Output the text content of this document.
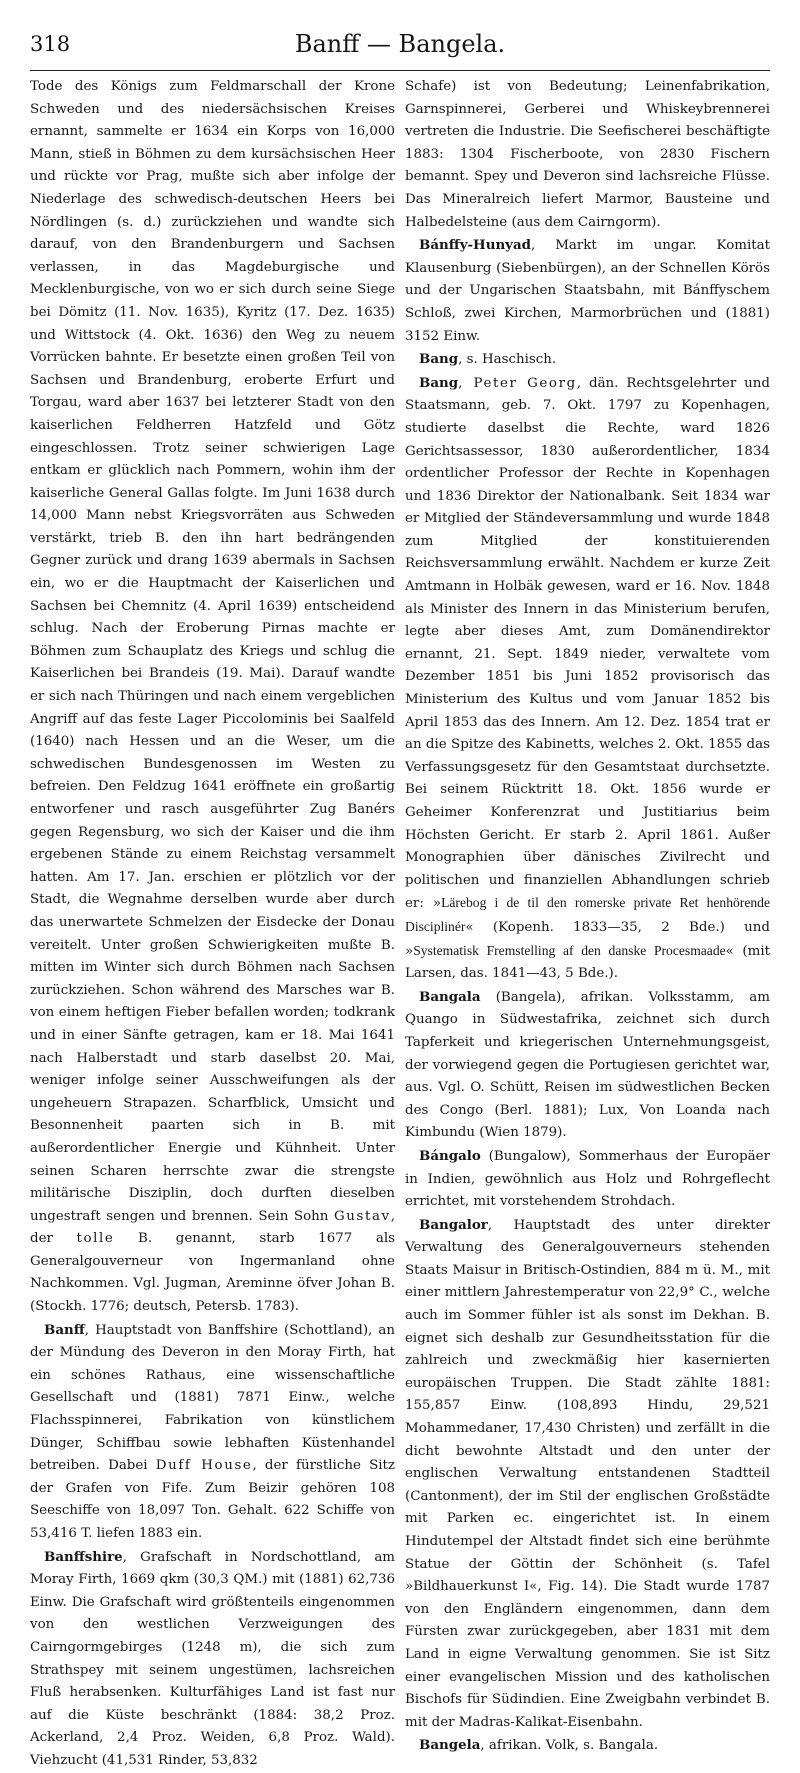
318	Banff — Bangela.

Tode des Königs zum Feldmarschall der Krone Schweden und des niedersächsischen Kreises ernannt, sammelte er 1634 ein Korps von 16,000 Mann, stieß in Böhmen zu dem kursächsischen Heer und rückte vor Prag, mußte sich aber infolge der Niederlage des schwedisch-deutschen Heers bei Nördlingen (s. d.) zurückziehen und wandte sich darauf, von den Brandenburgern und Sachsen verlassen, in das Magdeburgische und Mecklenburgische, von wo er sich durch seine Siege bei Dömitz (11. Nov. 1635), Kyritz (17. Dez. 1635) und Wittstock (4. Okt. 1636) den Weg zu neuem Vorrücken bahnte. Er besetzte einen großen Teil von Sachsen und Brandenburg, eroberte Erfurt und Torgau, ward aber 1637 bei letzterer Stadt von den kaiserlichen Feldherren Hatzfeld und Götz eingeschlossen. Trotz seiner schwierigen Lage entkam er glücklich nach Pommern, wohin ihm der kaiserliche General Gallas folgte. Im Juni 1638 durch 14,000 Mann nebst Kriegsvorräten aus Schweden verstärkt, trieb B. den ihn hart bedrängenden Gegner zurück und drang 1639 abermals in Sachsen ein, wo er die Hauptmacht der Kaiserlichen und Sachsen bei Chemnitz (4. April 1639) entscheidend schlug. Nach der Eroberung Pirnas machte er Böhmen zum Schauplatz des Kriegs und schlug die Kaiserlichen bei Brandeis (19. Mai). Darauf wandte er sich nach Thüringen und nach einem vergeblichen Angriff auf das feste Lager Piccolominis bei Saalfeld (1640) nach Hessen und an die Weser, um die schwedischen Bundesgenossen im Westen zu befreien. Den Feldzug 1641 eröffnete ein großartig entworfener und rasch ausgeführter Zug Banérs gegen Regensburg, wo sich der Kaiser und die ihm ergebenen Stände zu einem Reichstag versammelt hatten. Am 17. Jan. erschien er plötzlich vor der Stadt, die Wegnahme derselben wurde aber durch das unerwartete Schmelzen der Eisdecke der Donau vereitelt. Unter großen Schwierigkeiten mußte B. mitten im Winter sich durch Böhmen nach Sachsen zurückziehen. Schon während des Marsches war B. von einem heftigen Fieber befallen worden; todkrank und in einer Sänfte getragen, kam er 18. Mai 1641 nach Halberstadt und starb daselbst 20. Mai, weniger infolge seiner Ausschweifungen als der ungeheuern Strapazen. Scharfblick, Umsicht und Besonnenheit paarten sich in B. mit außerordentlicher Energie und Kühnheit. Unter seinen Scharen herrschte zwar die strengste militärische Disziplin, doch durften dieselben ungestraft sengen und brennen. Sein Sohn Gustav, der tolle B. genannt, starb 1677 als Generalgouverneur von Ingermanland ohne Nachkommen. Vgl. Jugman, Areminne öfver Johan B. (Stockh. 1776; deutsch, Petersb. 1783).

Banff, Hauptstadt von Banffshire (Schottland), an der Mündung des Deveron in den Moray Firth, hat ein schönes Rathaus, eine wissenschaftliche Gesellschaft und (1881) 7871 Einw., welche Flachsspinnerei, Fabrikation von künstlichem Dünger, Schiffbau sowie lebhaften Küstenhandel betreiben. Dabei Duff House, der fürstliche Sitz der Grafen von Fife. Zum Beizir gehören 108 Seeschiffe von 18,097 Ton. Gehalt. 622 Schiffe von 53,416 T. liefen 1883 ein.

Banffshire, Grafschaft in Nordschottland, am Moray Firth, 1669 qkm (30,3 QM.) mit (1881) 62,736 Einw. Die Grafschaft wird größtenteils eingenommen von den westlichen Verzweigungen des Cairngormgebirges (1248 m), die sich zum Strathspey mit seinem ungestümen, lachsreichen Fluß herabsenken. Kulturfähiges Land ist fast nur auf die Küste beschränkt (1884: 38,2 Proz. Ackerland, 2,4 Proz. Weiden, 6,8 Proz. Wald). Viehzucht (41,531 Rinder, 53,832

Schafe) ist von Bedeutung; Leinenfabrikation, Garnspinnerei, Gerberei und Whiskeybrennerei vertreten die Industrie. Die Seefischerei beschäftigte 1883: 1304 Fischerboote, von 2830 Fischern bemannt. Spey und Deveron sind lachsreiche Flüsse. Das Mineralreich liefert Marmor, Bausteine und Halbedelsteine (aus dem Cairngorm).

Bánffy-Hunyad, Markt im ungar. Komitat Klausenburg (Siebenbürgen), an der Schnellen Körös und der Ungarischen Staatsbahn, mit Bánffyschem Schloß, zwei Kirchen, Marmorbrüchen und (1881) 3152 Einw.

Bang, s. Haschisch.

Bang, Peter Georg, dän. Rechtsgelehrter und Staatsmann, geb. 7. Okt. 1797 zu Kopenhagen, studierte daselbst die Rechte, ward 1826 Gerichtsassessor, 1830 außerordentlicher, 1834 ordentlicher Professor der Rechte in Kopenhagen und 1836 Direktor der Nationalbank. Seit 1834 war er Mitglied der Ständeversammlung und wurde 1848 zum Mitglied der konstituierenden Reichsversammlung erwählt. Nachdem er kurze Zeit Amtmann in Holbäk gewesen, ward er 16. Nov. 1848 als Minister des Innern in das Ministerium berufen, legte aber dieses Amt, zum Domänendirektor ernannt, 21. Sept. 1849 nieder, verwaltete vom Dezember 1851 bis Juni 1852 provisorisch das Ministerium des Kultus und vom Januar 1852 bis April 1853 das des Innern. Am 12. Dez. 1854 trat er an die Spitze des Kabinetts, welches 2. Okt. 1855 das Verfassungsgesetz für den Gesamtstaat durchsetzte. Bei seinem Rücktritt 18. Okt. 1856 wurde er Geheimer Konferenzrat und Justitiarius beim Höchsten Gericht. Er starb 2. April 1861. Außer Monographien über dänisches Zivilrecht und politischen und finanziellen Abhandlungen schrieb er: »Lärebog i de til den romerske private Ret henhörende Disciplinér« (Kopenh. 1833—35, 2 Bde.) und »Systematisk Fremstelling af den danske Procesmaade« (mit Larsen, das. 1841—43, 5 Bde.).

Bangala (Bangela), afrikan. Volksstamm, am Quango in Südwestafrika, zeichnet sich durch Tapferkeit und kriegerischen Unternehmungsgeist, der vorwiegend gegen die Portugiesen gerichtet war, aus. Vgl. O. Schütt, Reisen im südwestlichen Becken des Congo (Berl. 1881); Lux, Von Loanda nach Kimbundu (Wien 1879).

Bángalo (Bungalow), Sommerhaus der Europäer in Indien, gewöhnlich aus Holz und Rohrgeflecht errichtet, mit vorstehendem Strohdach.

Bangalor, Hauptstadt des unter direkter Verwaltung des Generalgouverneurs stehenden Staats Maisur in Britisch-Ostindien, 884 m ü. M., mit einer mittlern Jahrestemperatur von 22,9° C., welche auch im Sommer fühler ist als sonst im Dekhan. B. eignet sich deshalb zur Gesundheitsstation für die zahlreich und zweckmäßig hier kasernierten europäischen Truppen. Die Stadt zählte 1881: 155,857 Einw. (108,893 Hindu, 29,521 Mohammedaner, 17,430 Christen) und zerfällt in die dicht bewohnte Altstadt und den unter der englischen Verwaltung entstandenen Stadtteil (Cantonment), der im Stil der englischen Großstädte mit Parken ec. eingerichtet ist. In einem Hindutempel der Altstadt findet sich eine berühmte Statue der Göttin der Schönheit (s. Tafel »Bildhauerkunst I«, Fig. 14). Die Stadt wurde 1787 von den Engländern eingenommen, dann dem Fürsten zwar zurückgegeben, aber 1831 mit dem Land in eigne Verwaltung genommen. Sie ist Sitz einer evangelischen Mission und des katholischen Bischofs für Südindien. Eine Zweigbahn verbindet B. mit der Madras-Kalikat-Eisenbahn.

Bangela, afrikan. Volk, s. Bangala.
